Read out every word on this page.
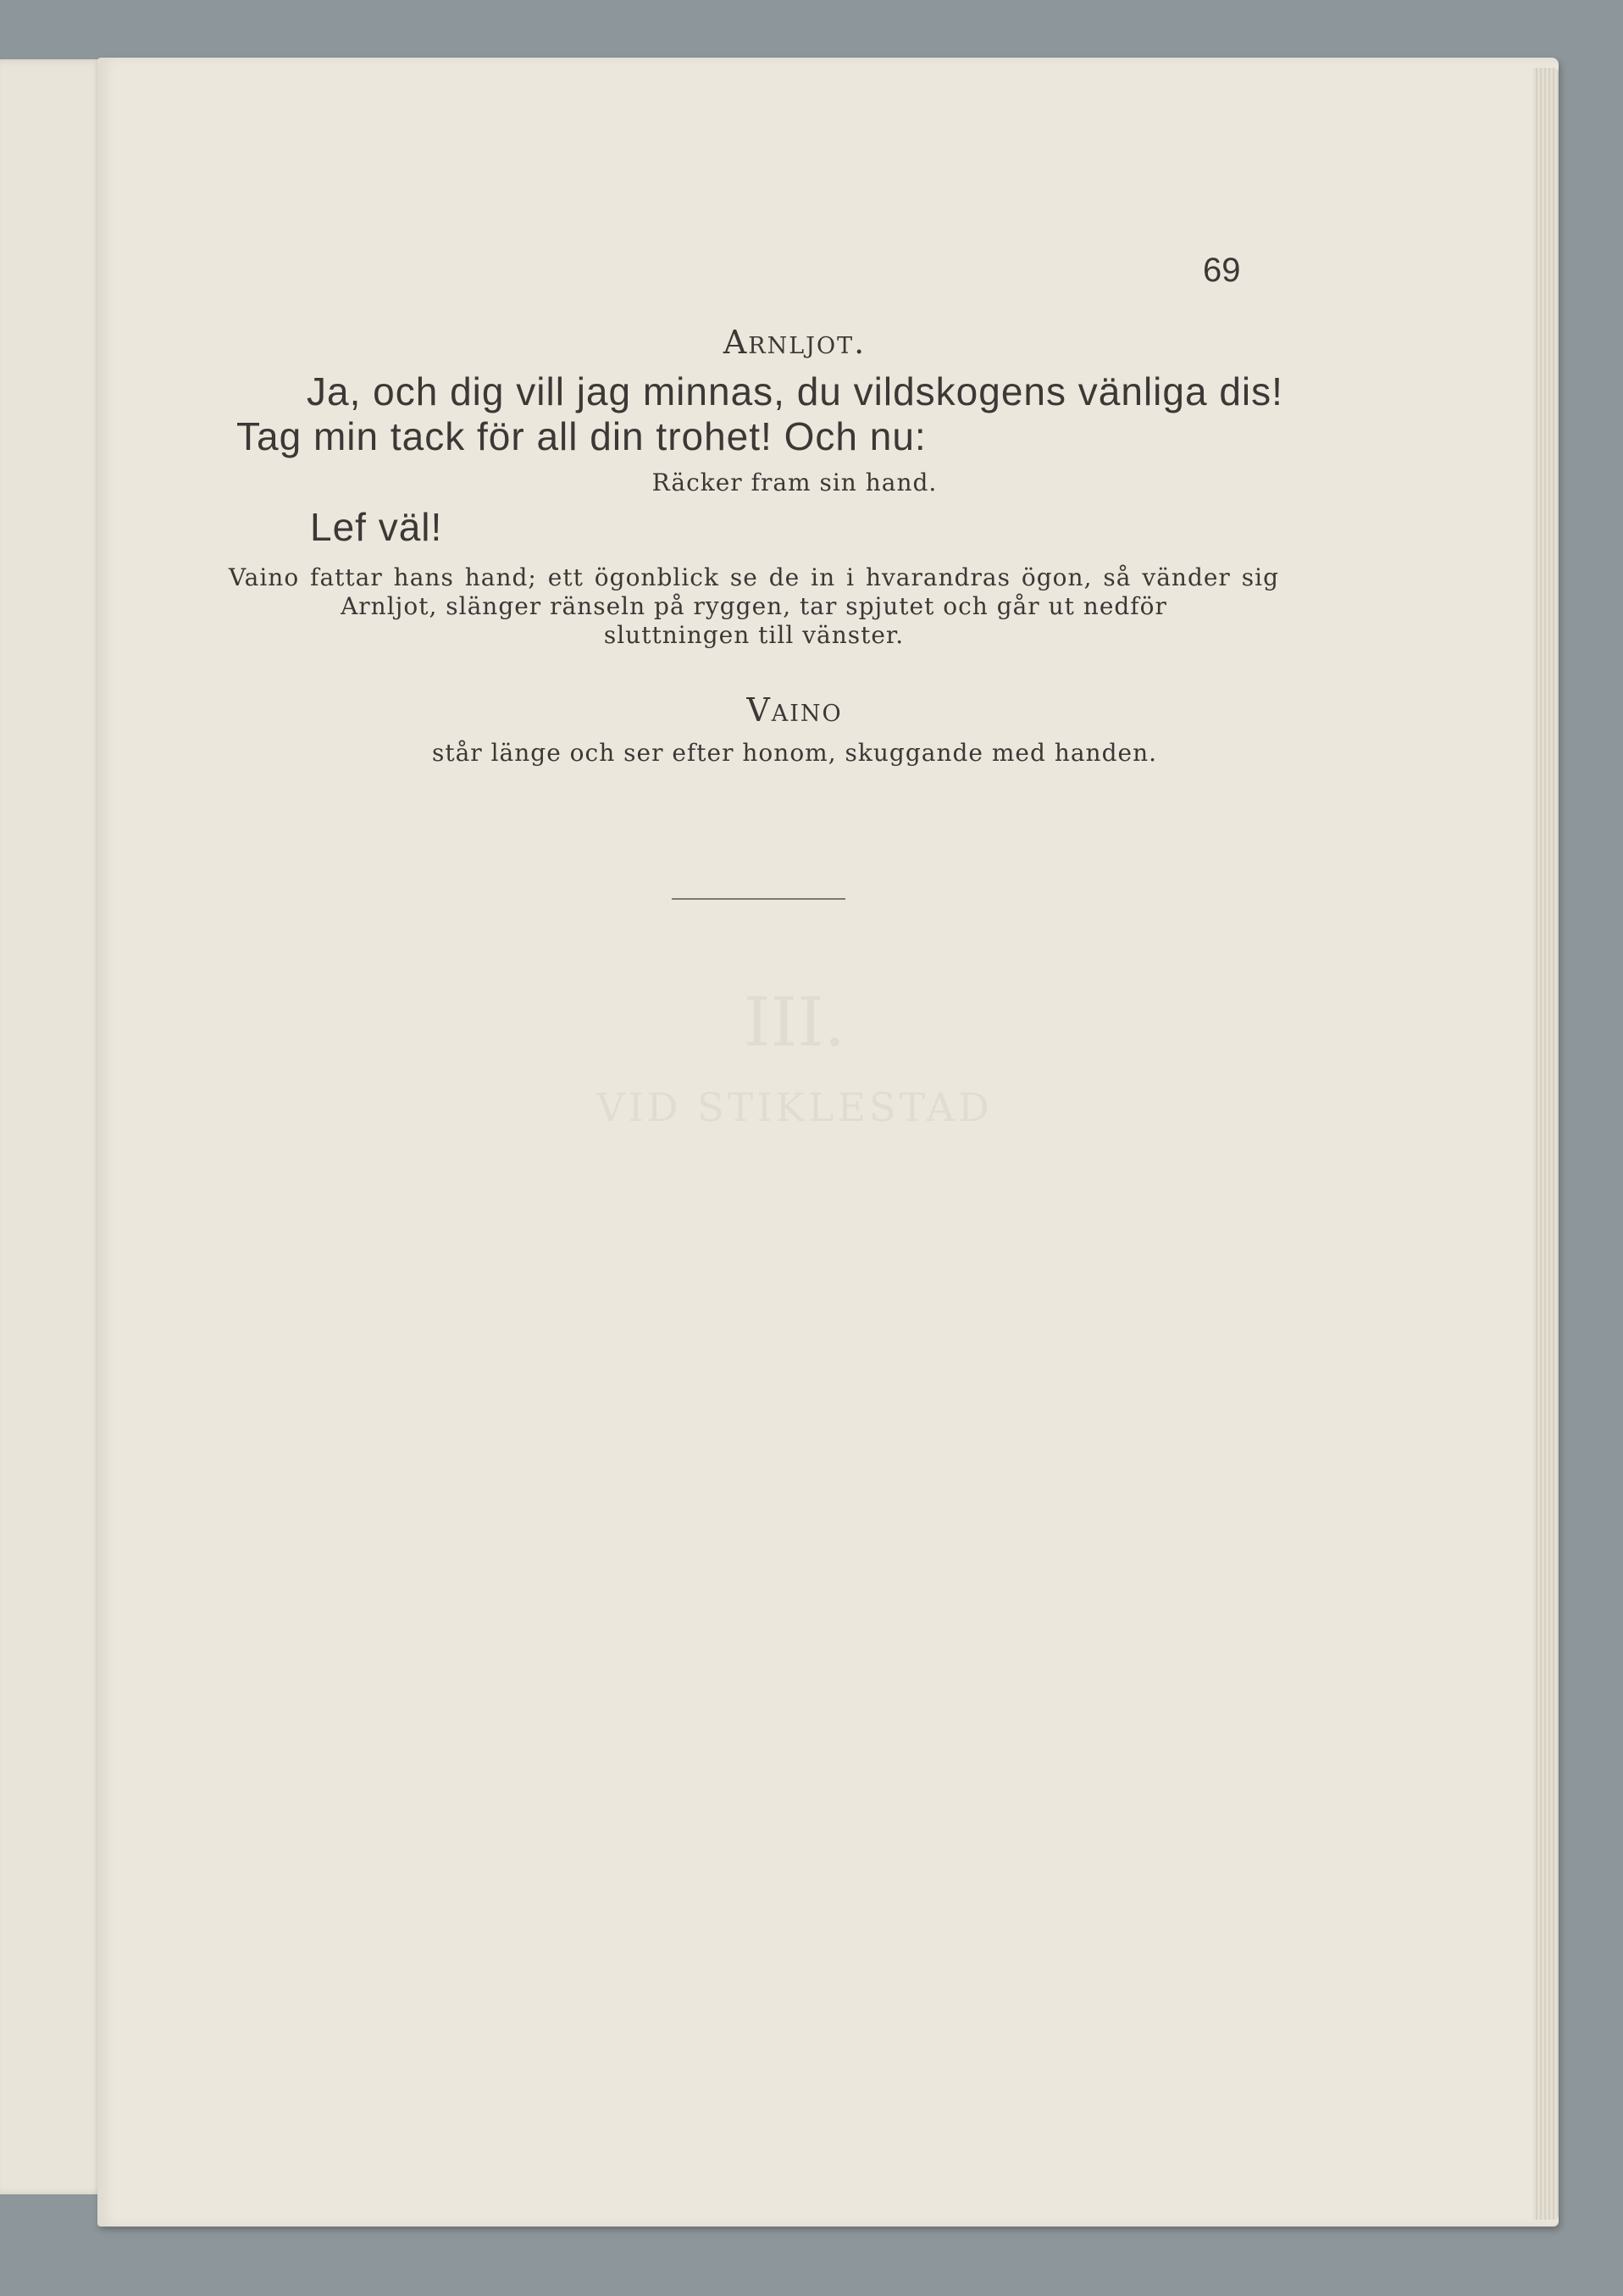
69
Arnljot.
Ja, och dig vill jag minnas, du vildskogens vänliga dis!
Tag min tack för all din trohet! Och nu:
Räcker fram sin hand.
Lef väl!
Vaino fattar hans hand; ett ögonblick se de in i hvarandras ögon, så vänder sig
Arnljot, slänger ränseln på ryggen, tar spjutet och går ut nedför
sluttningen till vänster.
Vaino
står länge och ser efter honom, skuggande med handen.
III.
VID STIKLESTAD
